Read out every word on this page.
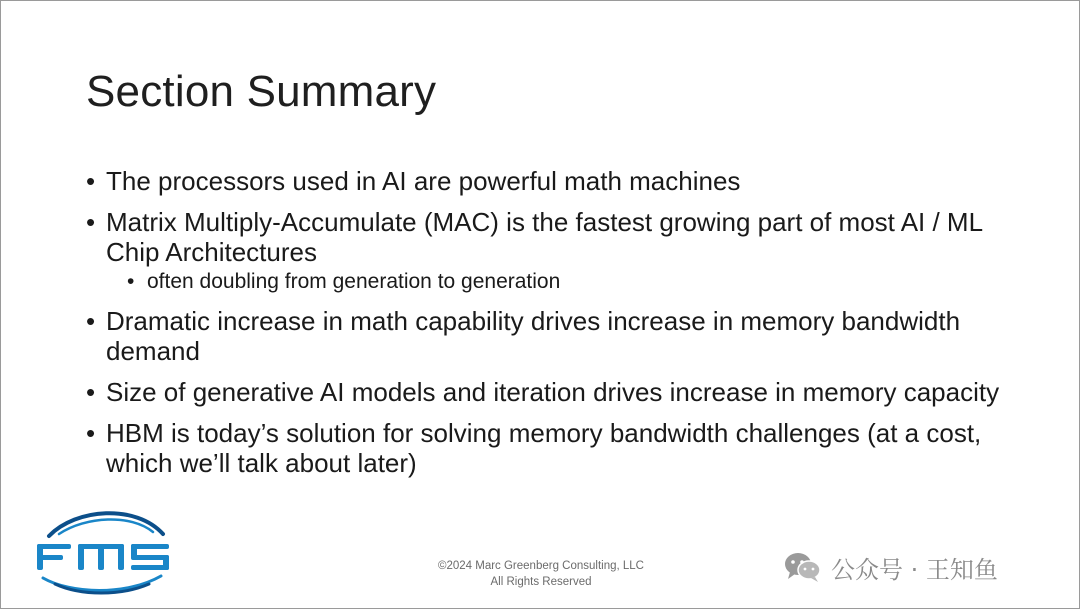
Section Summary
• The processors used in AI are powerful math machines
• Matrix Multiply-Accumulate (MAC) is the fastest growing part of most AI / ML Chip Architectures
• often doubling from generation to generation
• Dramatic increase in math capability drives increase in memory bandwidth demand
• Size of generative AI models and iteration drives increase in memory capacity
• HBM is today’s solution for solving memory bandwidth challenges (at a cost, which we’ll talk about later)
©2024 Marc Greenberg Consulting, LLC
All Rights Reserved	公众号 · 王知鱼
